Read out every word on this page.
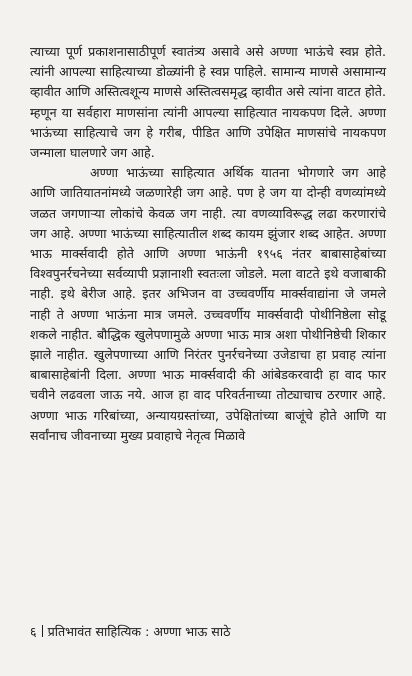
त्याच्या पूर्ण प्रकाशनासाठीपूर्ण स्वातंत्र्य असावे असे अण्णा भाऊंचे स्वप्न होते. त्यांनी आपल्या साहित्याच्या डोळ्यांनी हे स्वप्न पाहिले. सामान्य माणसे असामान्य व्हावीत आणि अस्तित्वशून्य माणसे अस्तित्वसमृद्ध व्हावीत असे त्यांना वाटत होते. म्हणून या सर्वहारा माणसांना त्यांनी आपल्या साहित्यात नायकपण दिले. अण्णा भाऊंच्या साहित्याचे जग हे गरीब, पीडित आणि उपेक्षित माणसांचे नायकपण जन्माला घालणारे जग आहे.

अण्णा भाऊंच्या साहित्यात अर्थिक यातना भोगणारे जग आहे आणि जातियातनांमध्ये जळणारेही जग आहे. पण हे जग या दोन्ही वणव्यांमध्ये जळत जगणाऱ्या लोकांचे केवळ जग नाही. त्या वणव्याविरूद्ध लढा करणारांचे जग आहे. अण्णा भाऊंच्या साहित्यातील शब्द कायम झुंजार शब्द आहेत. अण्णा भाऊ मार्क्सवादी होते आणि अण्णा भाऊंनी १९५६ नंतर बाबासाहेबांच्या विश्वपुनर्रचनेच्या सर्वव्यापी प्रज्ञानाशी स्वतःला जोडले. मला वाटते इथे वजाबाकी नाही. इथे बेरीज आहे. इतर अभिजन वा उच्चवर्णीय मार्क्सवाद्यांना जे जमले नाही ते अण्णा भाऊंना मात्र जमले. उच्चवर्णीय मार्क्सवादी पोथीनिष्ठेला सोडू शकले नाहीत. बौद्धिक खुलेपणामुळे अण्णा भाऊ मात्र अशा पोथीनिष्ठेची शिकार झाले नाहीत. खुलेपणाच्या आणि निरंतर पुनर्रचनेच्या उजेडाचा हा प्रवाह त्यांना बाबासाहेबांनी दिला. अण्णा भाऊ मार्क्सवादी की आंबेडकरवादी हा वाद फार चवीने लढवला जाऊ नये. आज हा वाद परिवर्तनाच्या तोट्याचाच ठरणार आहे. अण्णा भाऊ गरिबांच्या, अन्यायग्रस्तांच्या, उपेक्षितांच्या बाजूंचे होते आणि या सर्वांनाच जीवनाच्या मुख्य प्रवाहाचे नेतृत्व मिळावे

६ प्रतिभावंत साहित्यिक : अण्णा भाऊ साठे
